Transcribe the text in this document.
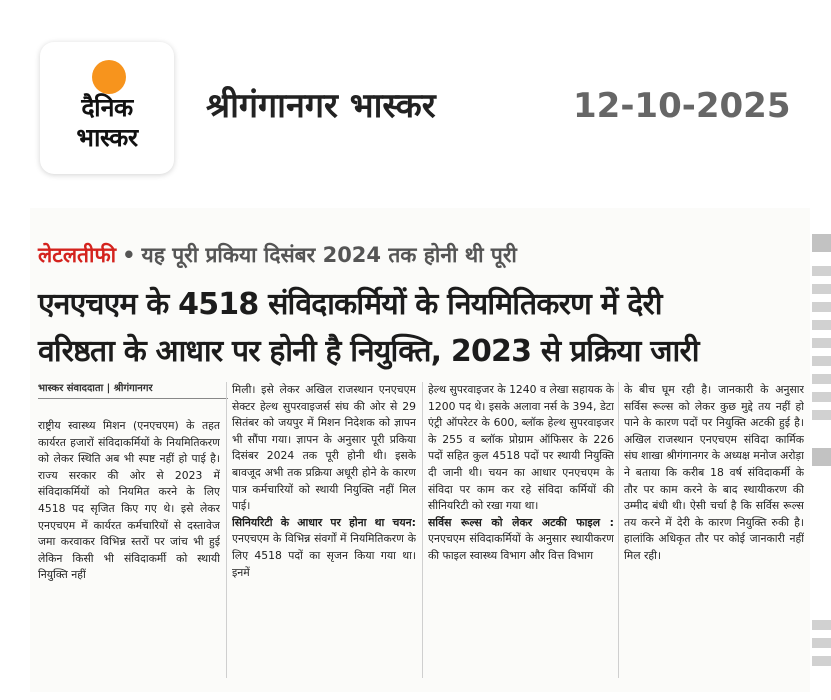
दैनिक
भास्कर
श्रीगंगानगर भास्कर	12-10-2025
लेटलतीफी • यह पूरी प्रकिया दिसंबर 2024 तक होनी थी पूरी
एनएचएम के 4518 संविदाकर्मियों के नियमितिकरण में देरी
वरिष्ठता के आधार पर होनी है नियुक्ति, 2023 से प्रक्रिया जारी
भास्कर संवाददाता | श्रीगंगानगर

राष्ट्रीय स्वास्थ्य मिशन (एनएचएम) के तहत कार्यरत हजारों संविदाकर्मियों के नियमितिकरण को लेकर स्थिति अब भी स्पष्ट नहीं हो पाई है। राज्य सरकार की ओर से 2023 में संविदाकर्मियों को नियमित करने के लिए 4518 पद सृजित किए गए थे। इसे लेकर एनएचएम में कार्यरत कर्मचारियों से दस्तावेज जमा करवाकर विभिन्न स्तरों पर जांच भी हुई लेकिन किसी भी संविदाकर्मी को स्थायी नियुक्ति नहीं

मिली। इसे लेकर अखिल राजस्थान एनएचएम सेक्टर हेल्थ सुपरवाइजर्स संघ की ओर से 29 सितंबर को जयपुर में मिशन निदेशक को ज्ञापन भी सौंपा गया। ज्ञापन के अनुसार पूरी प्रकिया दिसंबर 2024 तक पूरी होनी थी। इसके बावजूद अभी तक प्रक्रिया अधूरी होने के कारण पात्र कर्मचारियों को स्थायी नियुक्ति नहीं मिल पाई।

सिनियरिटी के आधार पर होना था चयन: एनएचएम के विभिन्न संवर्गों में नियमितिकरण के लिए 4518 पदों का सृजन किया गया था। इनमें

हेल्थ सुपरवाइजर के 1240 व लेखा सहायक के 1200 पद थे। इसके अलावा नर्स के 394, डेटा एंट्री ऑपरेटर के 600, ब्लॉक हेल्थ सुपरवाइजर के 255 व ब्लॉक प्रोग्राम ऑफिसर के 226 पदों सहित कुल 4518 पदों पर स्थायी नियुक्ति दी जानी थी। चयन का आधार एनएचएम के संविदा पर काम कर रहे संविदा कर्मियों की सीनियरिटी को रखा गया था।

सर्विस रूल्स को लेकर अटकी फाइल : एनएचएम संविदाकर्मियों के अनुसार स्थायीकरण की फाइल स्वास्थ्य विभाग और वित्त विभाग

के बीच घूम रही है। जानकारी के अनुसार सर्विस रूल्स को लेकर कुछ मुद्दे तय नहीं हो पाने के कारण पदों पर नियुक्ति अटकी हुई है। अखिल राजस्थान एनएचएम संविदा कार्मिक संघ शाखा श्रीगंगानगर के अध्यक्ष मनोज अरोड़ा ने बताया कि करीब 18 वर्ष संविदाकर्मी के तौर पर काम करने के बाद स्थायीकरण की उम्मीद बंधी थी। ऐसी चर्चा है कि सर्विस रूल्स तय करने में देरी के कारण नियुक्ति रुकी है। हालांकि अधिकृत तौर पर कोई जानकारी नहीं मिल रही।
